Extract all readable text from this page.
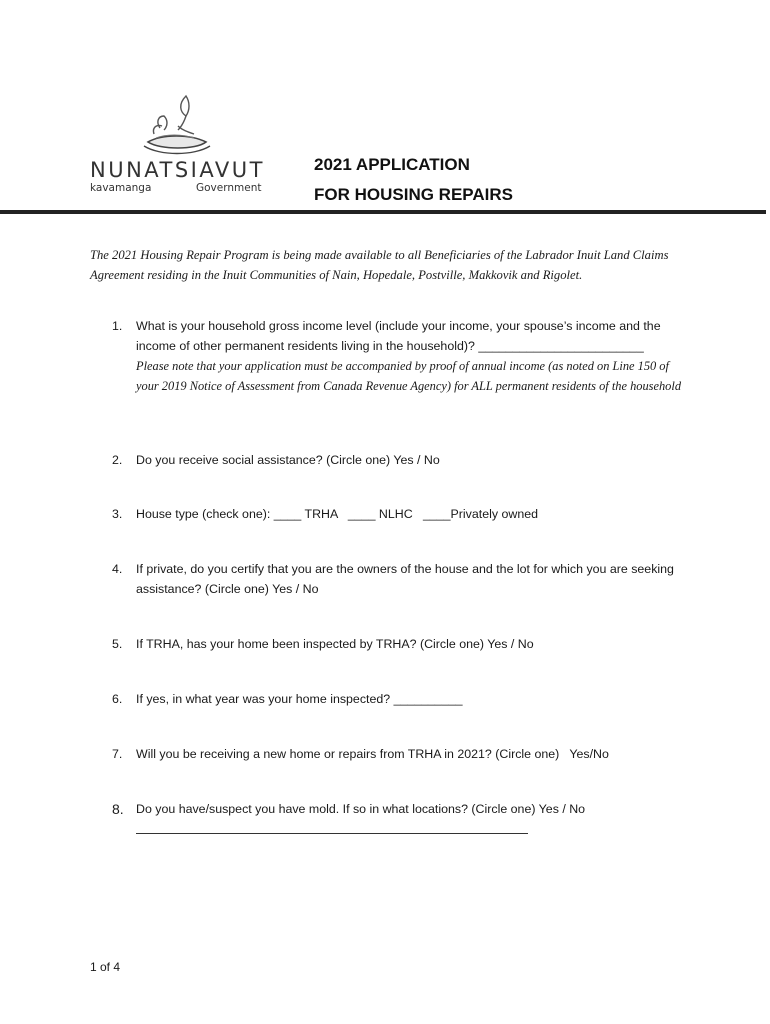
NUNATSIAVUT
kavamanga	Government
2021 APPLICATION
FOR HOUSING REPAIRS
The 2021 Housing Repair Program is being made available to all Beneficiaries of the Labrador Inuit Land Claims Agreement residing in the Inuit Communities of Nain, Hopedale, Postville, Makkovik and Rigolet.
1. What is your household gross income level (include your income, your spouse’s income and the income of other permanent residents living in the household)? ________________________
Please note that your application must be accompanied by proof of annual income (as noted on Line 150 of your 2019 Notice of Assessment from Canada Revenue Agency) for ALL permanent residents of the household
2. Do you receive social assistance? (Circle one) Yes / No
3. House type (check one): ____ TRHA   ____ NLHC   ____Privately owned
4. If private, do you certify that you are the owners of the house and the lot for which you are seeking assistance? (Circle one) Yes / No
5. If TRHA, has your home been inspected by TRHA? (Circle one) Yes / No
6. If yes, in what year was your home inspected? __________
7. Will you be receiving a new home or repairs from TRHA in 2021? (Circle one)   Yes/No
8. Do you have/suspect you have mold. If so in what locations? (Circle one) Yes / No
1 of 4
